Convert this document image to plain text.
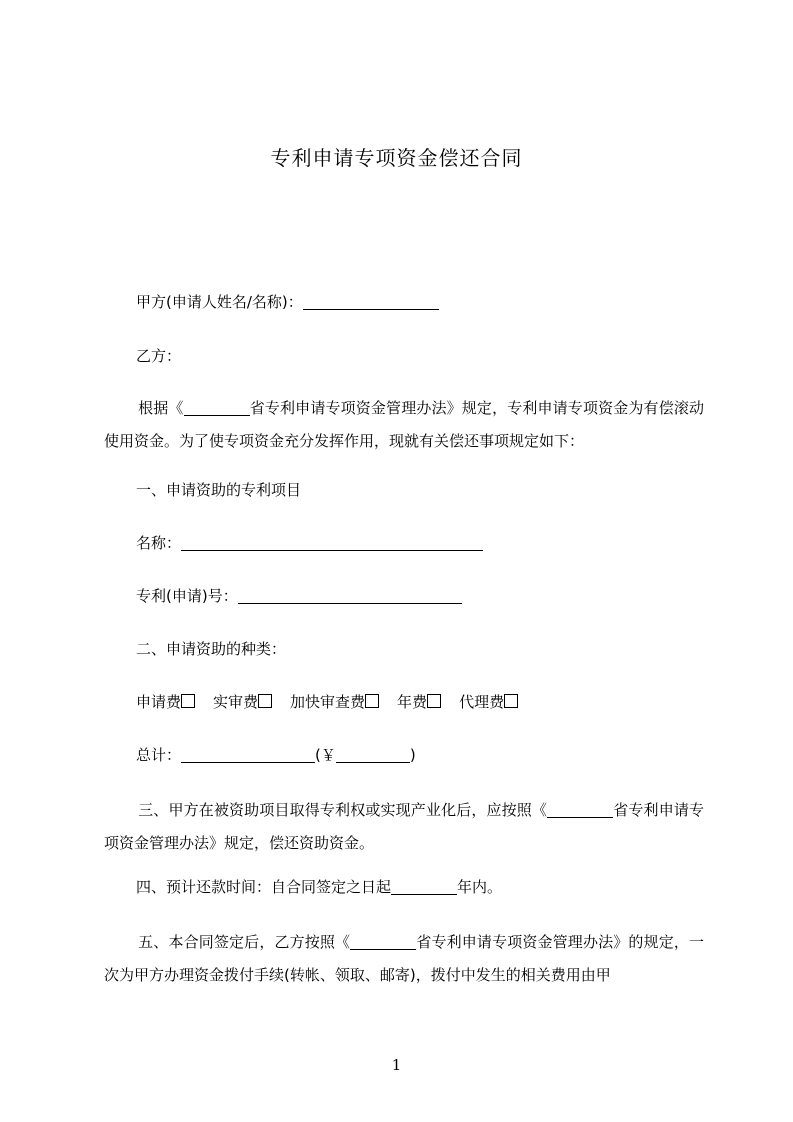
专利申请专项资金偿还合同
甲方(申请人姓名/名称)：
乙方：
根据《	省专利申请专项资金管理办法》规定，专利申请专项资金为有偿滚动使用资金。为了使专项资金充分发挥作用，现就有关偿还事项规定如下：
一、申请资助的专利项目
名称：
专利(申请)号：
二、申请资助的种类：
申请费 实审费 加快审查费 年费 代理费
总计：	(￥	)
三、甲方在被资助项目取得专利权或实现产业化后，应按照《	省专利申请专项资金管理办法》规定，偿还资助资金。
四、预计还款时间：自合同签定之日起	年内。
五、本合同签定后，乙方按照《	省专利申请专项资金管理办法》的规定，一次为甲方办理资金拨付手续(转帐、领取、邮寄)，拨付中发生的相关费用由甲
1
